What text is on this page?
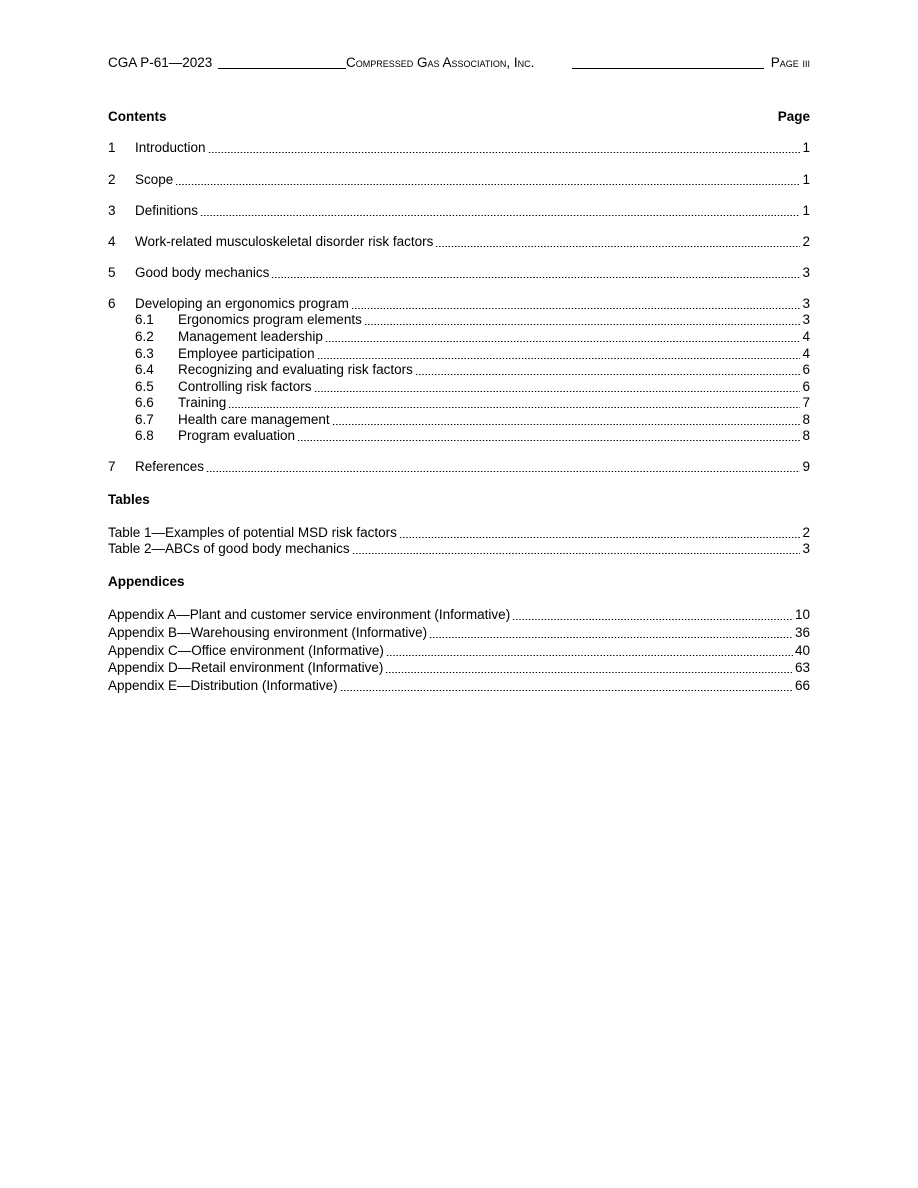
CGA P-61—2023	Compressed Gas Association, Inc.	Page iii
Contents	Page
1	Introduction	1
2	Scope	1
3	Definitions	1
4	Work-related musculoskeletal disorder risk factors	2
5	Good body mechanics	3
6	Developing an ergonomics program	3
6.1	Ergonomics program elements	3
6.2	Management leadership	4
6.3	Employee participation	4
6.4	Recognizing and evaluating risk factors	6
6.5	Controlling risk factors	6
6.6	Training	7
6.7	Health care management	8
6.8	Program evaluation	8
7	References	9
Tables
Table 1—Examples of potential MSD risk factors	2
Table 2—ABCs of good body mechanics	3
Appendices
Appendix A—Plant and customer service environment (Informative)	10
Appendix B—Warehousing environment (Informative)	36
Appendix C—Office environment (Informative)	40
Appendix D—Retail environment (Informative)	63
Appendix E—Distribution (Informative)	66
